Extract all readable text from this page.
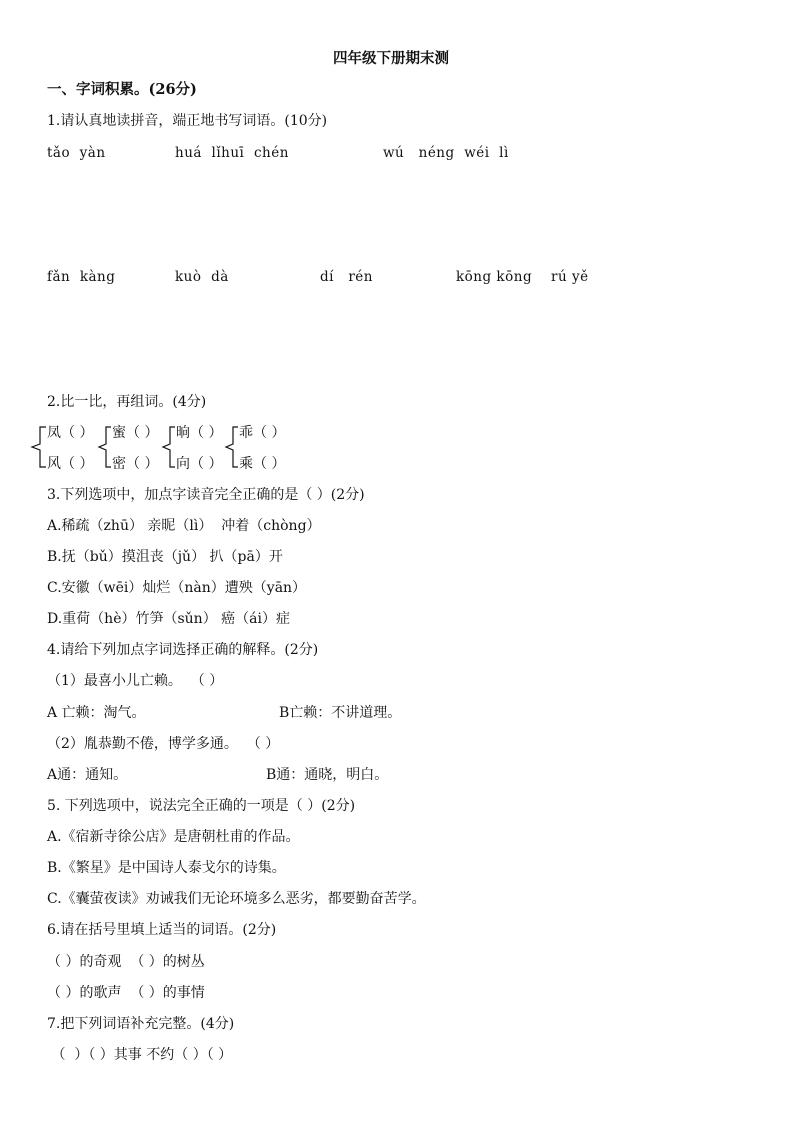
四年级下册期末测
一、字词积累。(26分)
1.请认真地读拼音，端正地书写词语。(10分)
tǎo  yàn	huá  lǐhuī  chén	wú   néng  wéi  lì
fǎn  kàng	kuò  dà	dí   rén	kōng kōng rú yě
2.比一比，再组词。(4分)
凤（ ）
风（ ）
蜜（ ）
密（ ）
晌（ ）
向（ ）
乖（ ）
乘（ ）
3.下列选项中，加点字读音完全正确的是（ ）(2分)
A.稀疏（zhū） 亲昵（lì）  冲着（chòng）
B.抚（bǔ）摸沮丧（jǔ） 扒（pā）开
C.安徽（wēi）灿烂（nàn）遭殃（yān）
D.重荷（hè）竹笋（sǔn） 癌（ái）症
4.请给下列加点字词选择正确的解释。(2分)
（1）最喜小儿亡赖。  （ ）
A 亡赖：淘气。	B亡赖：不讲道理。
（2）胤恭勤不倦，博学多通。  （ ）
A通：通知。	B通：通晓，明白。
5. 下列选项中，说法完全正确的一项是（ ）(2分)
A.《宿新寺徐公店》是唐朝杜甫的作品。
B.《繁星》是中国诗人泰戈尔的诗集。
C.《囊萤夜读》劝诫我们无论环境多么恶劣，都要勤奋苦学。
6.请在括号里填上适当的词语。(2分)
（ ）的奇观  （ ）的树丛
（ ）的歌声  （ ）的事情
7.把下列词语补充完整。(4分)
（  ）（ ）其事 不约（ ）（ ）
